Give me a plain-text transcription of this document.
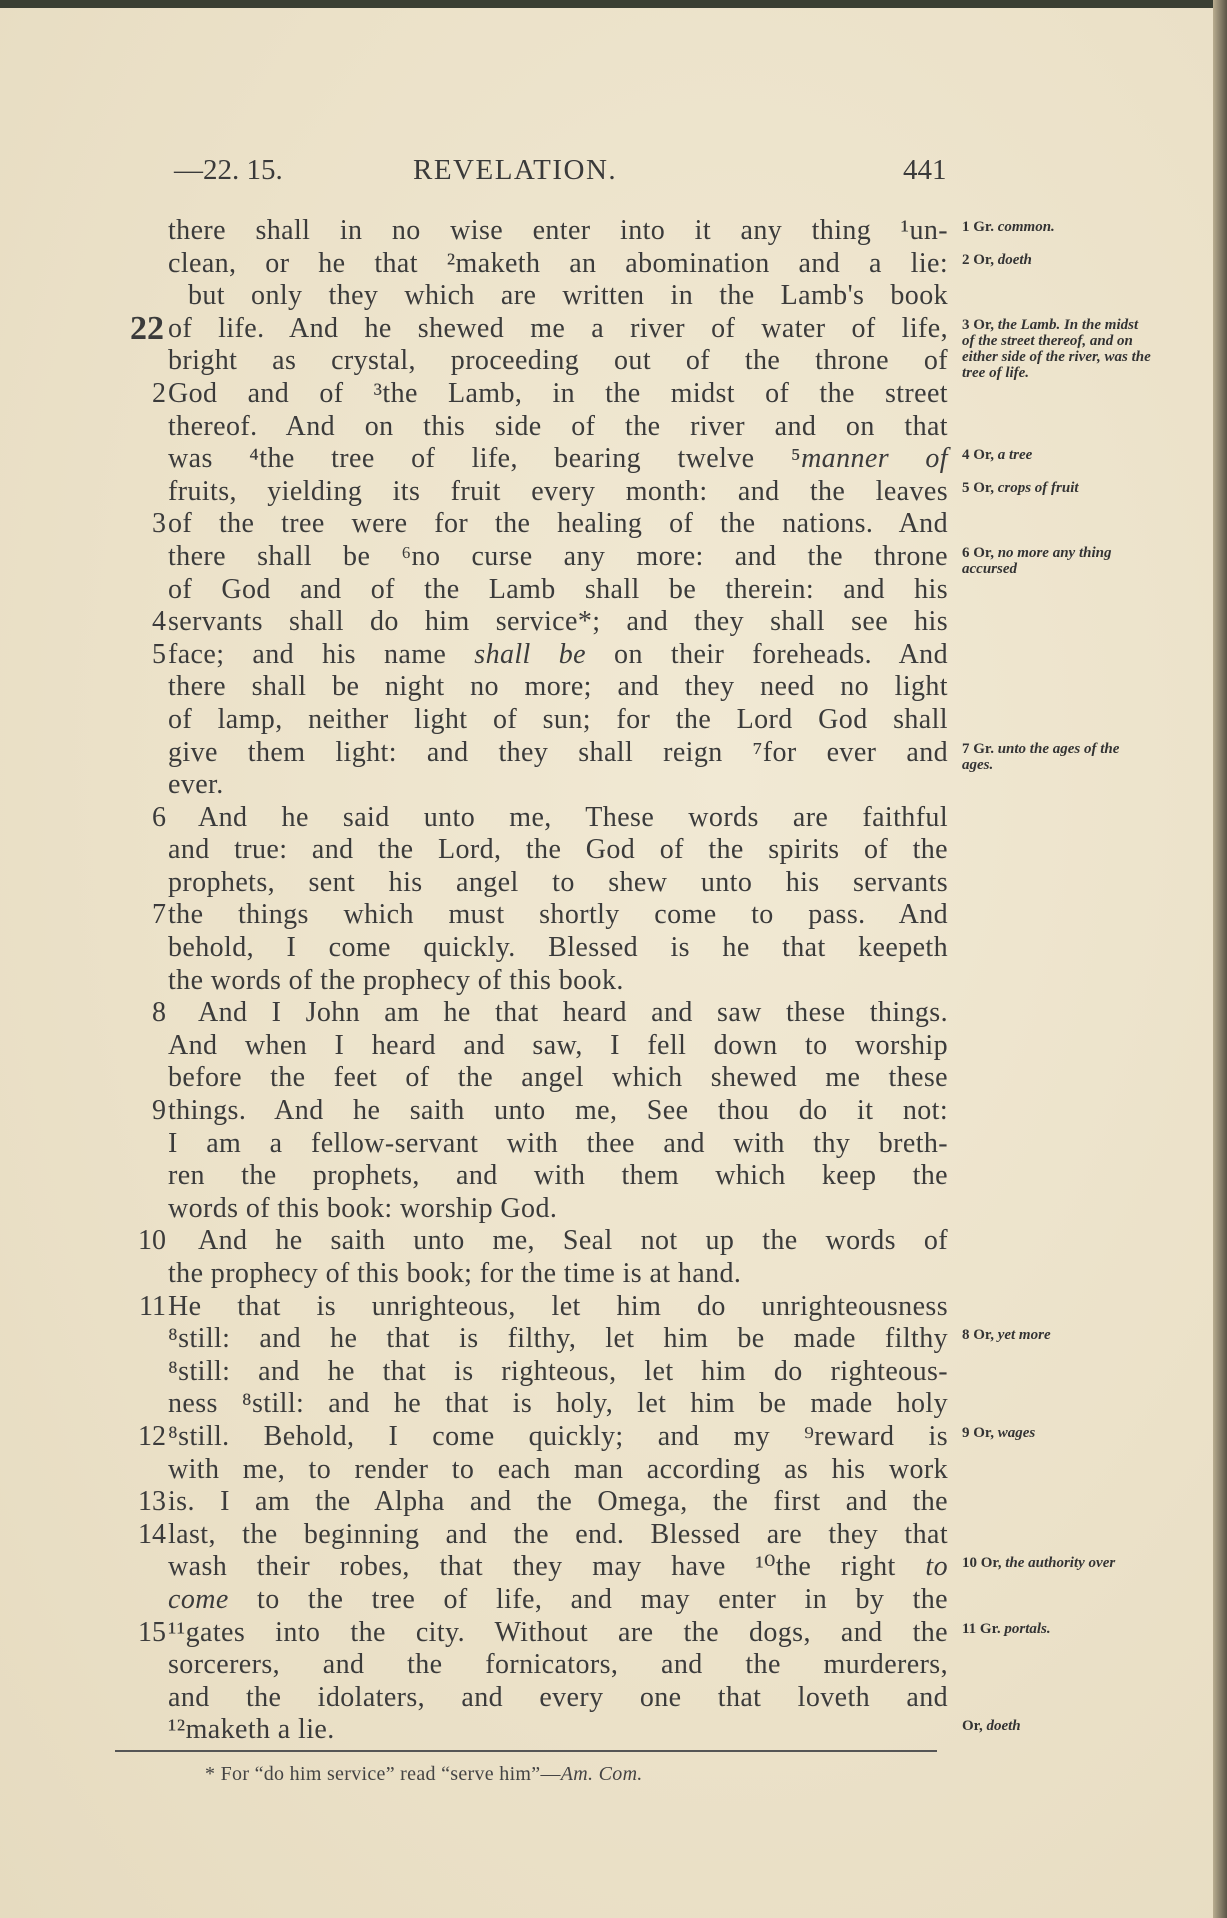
—22. 15.	REVELATION.	441
there shall in no wise enter into it any thing ¹un- 1 Gr. common.
clean, or he that ²maketh an abomination and a lie: 2 Or, doeth
but only they which are written in the Lamb's book
22 of life. And he shewed me a river of water of life, 3 Or, the Lamb. In the midst of the street thereof, and on either side of the river, was the tree of life.
bright as crystal, proceeding out of the throne of
2 God and of ³the Lamb, in the midst of the street
thereof. And on this side of the river and on that
was ⁴the tree of life, bearing twelve ⁵manner of 4 Or, a tree
fruits, yielding its fruit every month: and the leaves 5 Or, crops of fruit
3 of the tree were for the healing of the nations. And
there shall be ⁶no curse any more: and the throne 6 Or, no more any thing accursed
of God and of the Lamb shall be therein: and his
4 servants shall do him service*; and they shall see his
5 face; and his name shall be on their foreheads. And
there shall be night no more; and they need no light
of lamp, neither light of sun; for the Lord God shall
give them light: and they shall reign ⁷for ever and 7 Gr. unto the ages of the ages.
ever.
6 And he said unto me, These words are faithful
and true: and the Lord, the God of the spirits of the
prophets, sent his angel to shew unto his servants
7 the things which must shortly come to pass. And
behold, I come quickly. Blessed is he that keepeth
the words of the prophecy of this book.
8 And I John am he that heard and saw these things.
And when I heard and saw, I fell down to worship
before the feet of the angel which shewed me these
9 things. And he saith unto me, See thou do it not:
I am a fellow-servant with thee and with thy breth-
ren the prophets, and with them which keep the
words of this book: worship God.
10 And he saith unto me, Seal not up the words of
the prophecy of this book; for the time is at hand.
11 He that is unrighteous, let him do unrighteousness
⁸still: and he that is filthy, let him be made filthy 8 Or, yet more
⁸still: and he that is righteous, let him do righteous-
ness ⁸still: and he that is holy, let him be made holy
12 ⁸still. Behold, I come quickly; and my ⁹reward is 9 Or, wages
with me, to render to each man according as his work
13 is. I am the Alpha and the Omega, the first and the
14 last, the beginning and the end. Blessed are they that
wash their robes, that they may have ¹⁰the right to 10 Or, the authority over
come to the tree of life, and may enter in by the
15 ¹¹gates into the city. Without are the dogs, and the 11 Gr. portals.
sorcerers, and the fornicators, and the murderers,
and the idolaters, and every one that loveth and
¹²maketh a lie.	Or, doeth
* For “do him service” read “serve him”—Am. Com.
